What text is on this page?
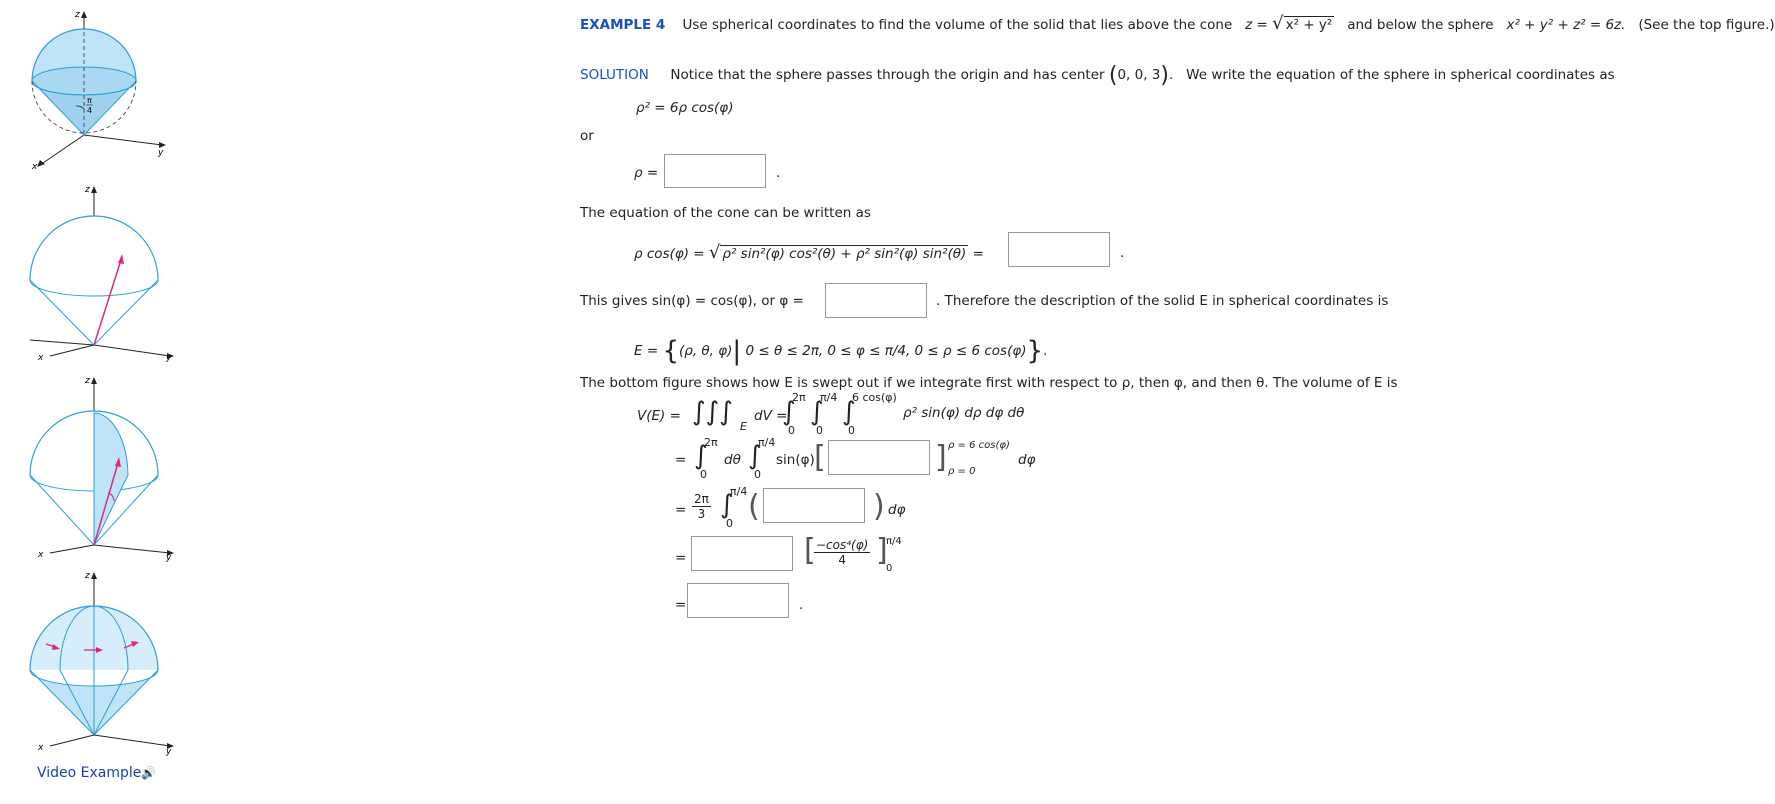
z
y
x
π
4
z
y
x
z
y
x
z
y
x
Video Example🔊
EXAMPLE 4 Use spherical coordinates to find the volume of the solid that lies above the cone z = √ x² + y² and below the sphere x² + y² + z² = 6z. (See the top figure.)
SOLUTION Notice that the sphere passes through the origin and has center (0, 0, 3).   We write the equation of the sphere in spherical coordinates as
ρ² = 6ρ cos(φ)
or
ρ =	.
The equation of the cone can be written as
ρ cos(φ) = √ ρ² sin²(φ) cos²(θ) + ρ² sin²(φ) sin²(θ) =	.
This gives sin(φ) = cos(φ), or φ =	. Therefore the description of the solid E in spherical coordinates is
E = {(ρ, θ, φ)| 0 ≤ θ ≤ 2π, 0 ≤ φ ≤ π/4, 0 ≤ ρ ≤ 6 cos(φ)}.
The bottom figure shows how E is swept out if we integrate first with respect to ρ, then φ, and then θ. The volume of E is
V(E) = ∫∫∫ E
dV =
∫
2π
0
∫
π/4
0
∫
6 cos(φ)
0
ρ² sin(φ) dρ dφ dθ
= ∫
2π
0
dθ ∫
π/4
0
sin(φ) [	] ρ = 6 cos(φ)
ρ = 0
dφ
= $\frac{2\pi}{3}$ ∫
π/4
0 (	) dφ
=	[
$\frac{\text{−cos⁴(φ)}}{4}$ ]
π/4
0
=	.
